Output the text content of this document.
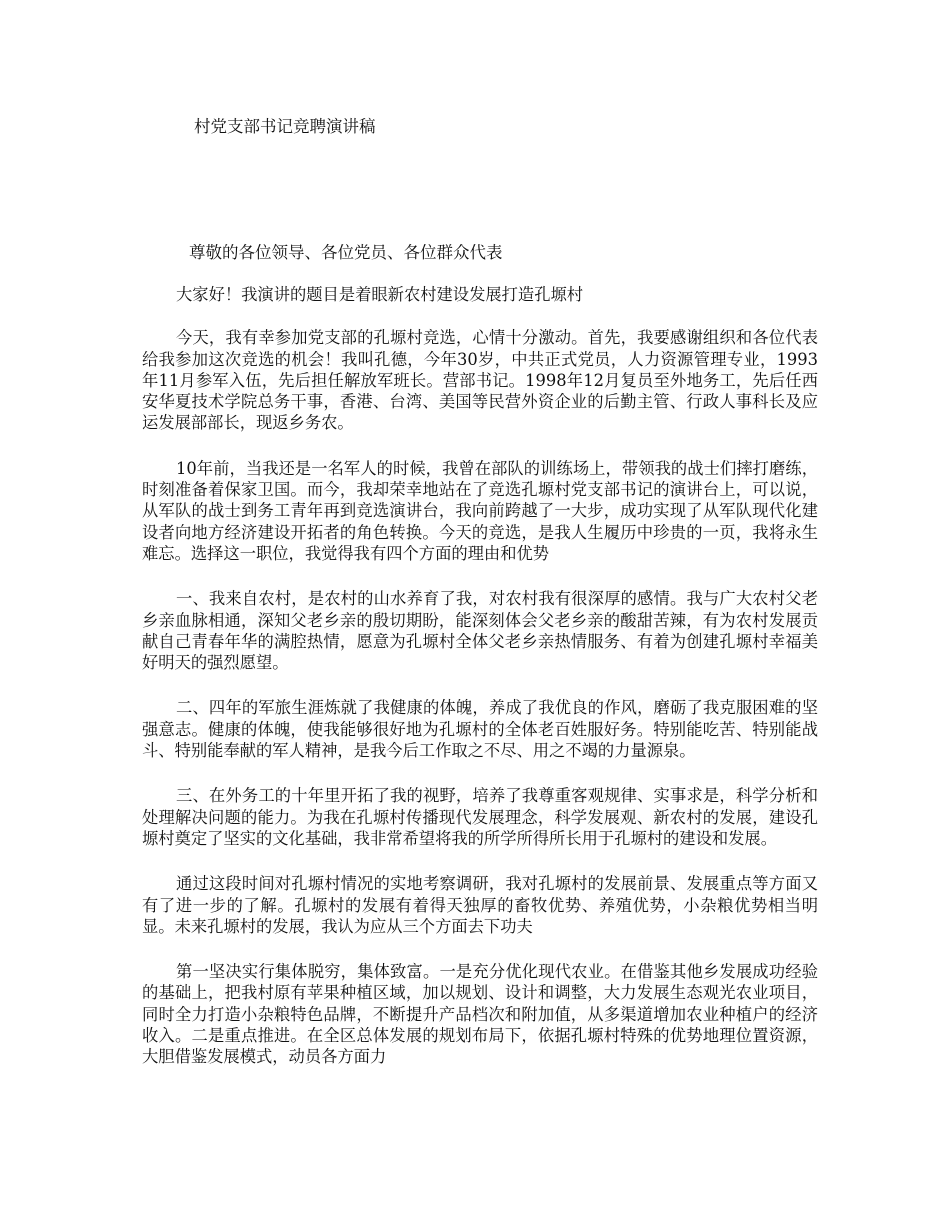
村党支部书记竞聘演讲稿
尊敬的各位领导、各位党员、各位群众代表

大家好！我演讲的题目是着眼新农村建设发展打造孔塬村

今天，我有幸参加党支部的孔塬村竞选，心情十分激动。首先，我要感谢组织和各位代表给我参加这次竞选的机会！我叫孔德，今年30岁，中共正式党员，人力资源管理专业，1993年11月参军入伍，先后担任解放军班长。营部书记。1998年12月复员至外地务工，先后任西安华夏技术学院总务干事，香港、台湾、美国等民营外资企业的后勤主管、行政人事科长及应运发展部部长，现返乡务农。

10年前，当我还是一名军人的时候，我曾在部队的训练场上，带领我的战士们摔打磨练，时刻准备着保家卫国。而今，我却荣幸地站在了竞选孔塬村党支部书记的演讲台上，可以说，从军队的战士到务工青年再到竞选演讲台，我向前跨越了一大步，成功实现了从军队现代化建设者向地方经济建设开拓者的角色转换。今天的竞选，是我人生履历中珍贵的一页，我将永生难忘。选择这一职位，我觉得我有四个方面的理由和优势

一、我来自农村，是农村的山水养育了我，对农村我有很深厚的感情。我与广大农村父老乡亲血脉相通，深知父老乡亲的殷切期盼，能深刻体会父老乡亲的酸甜苦辣，有为农村发展贡献自己青春年华的满腔热情，愿意为孔塬村全体父老乡亲热情服务、有着为创建孔塬村幸福美好明天的强烈愿望。

二、四年的军旅生涯炼就了我健康的体魄，养成了我优良的作风，磨砺了我克服困难的坚强意志。健康的体魄，使我能够很好地为孔塬村的全体老百姓服好务。特别能吃苦、特别能战斗、特别能奉献的军人精神，是我今后工作取之不尽、用之不竭的力量源泉。

三、在外务工的十年里开拓了我的视野，培养了我尊重客观规律、实事求是，科学分析和处理解决问题的能力。为我在孔塬村传播现代发展理念，科学发展观、新农村的发展，建设孔塬村奠定了坚实的文化基础，我非常希望将我的所学所得所长用于孔塬村的建设和发展。

通过这段时间对孔塬村情况的实地考察调研，我对孔塬村的发展前景、发展重点等方面又有了进一步的了解。孔塬村的发展有着得天独厚的畜牧优势、养殖优势，小杂粮优势相当明显。未来孔塬村的发展，我认为应从三个方面去下功夫

第一坚决实行集体脱穷，集体致富。一是充分优化现代农业。在借鉴其他乡发展成功经验的基础上，把我村原有苹果种植区域，加以规划、设计和调整，大力发展生态观光农业项目，同时全力打造小杂粮特色品牌，不断提升产品档次和附加值，从多渠道增加农业种植户的经济收入。二是重点推进。在全区总体发展的规划布局下，依据孔塬村特殊的优势地理位置资源，大胆借鉴发展模式，动员各方面力
